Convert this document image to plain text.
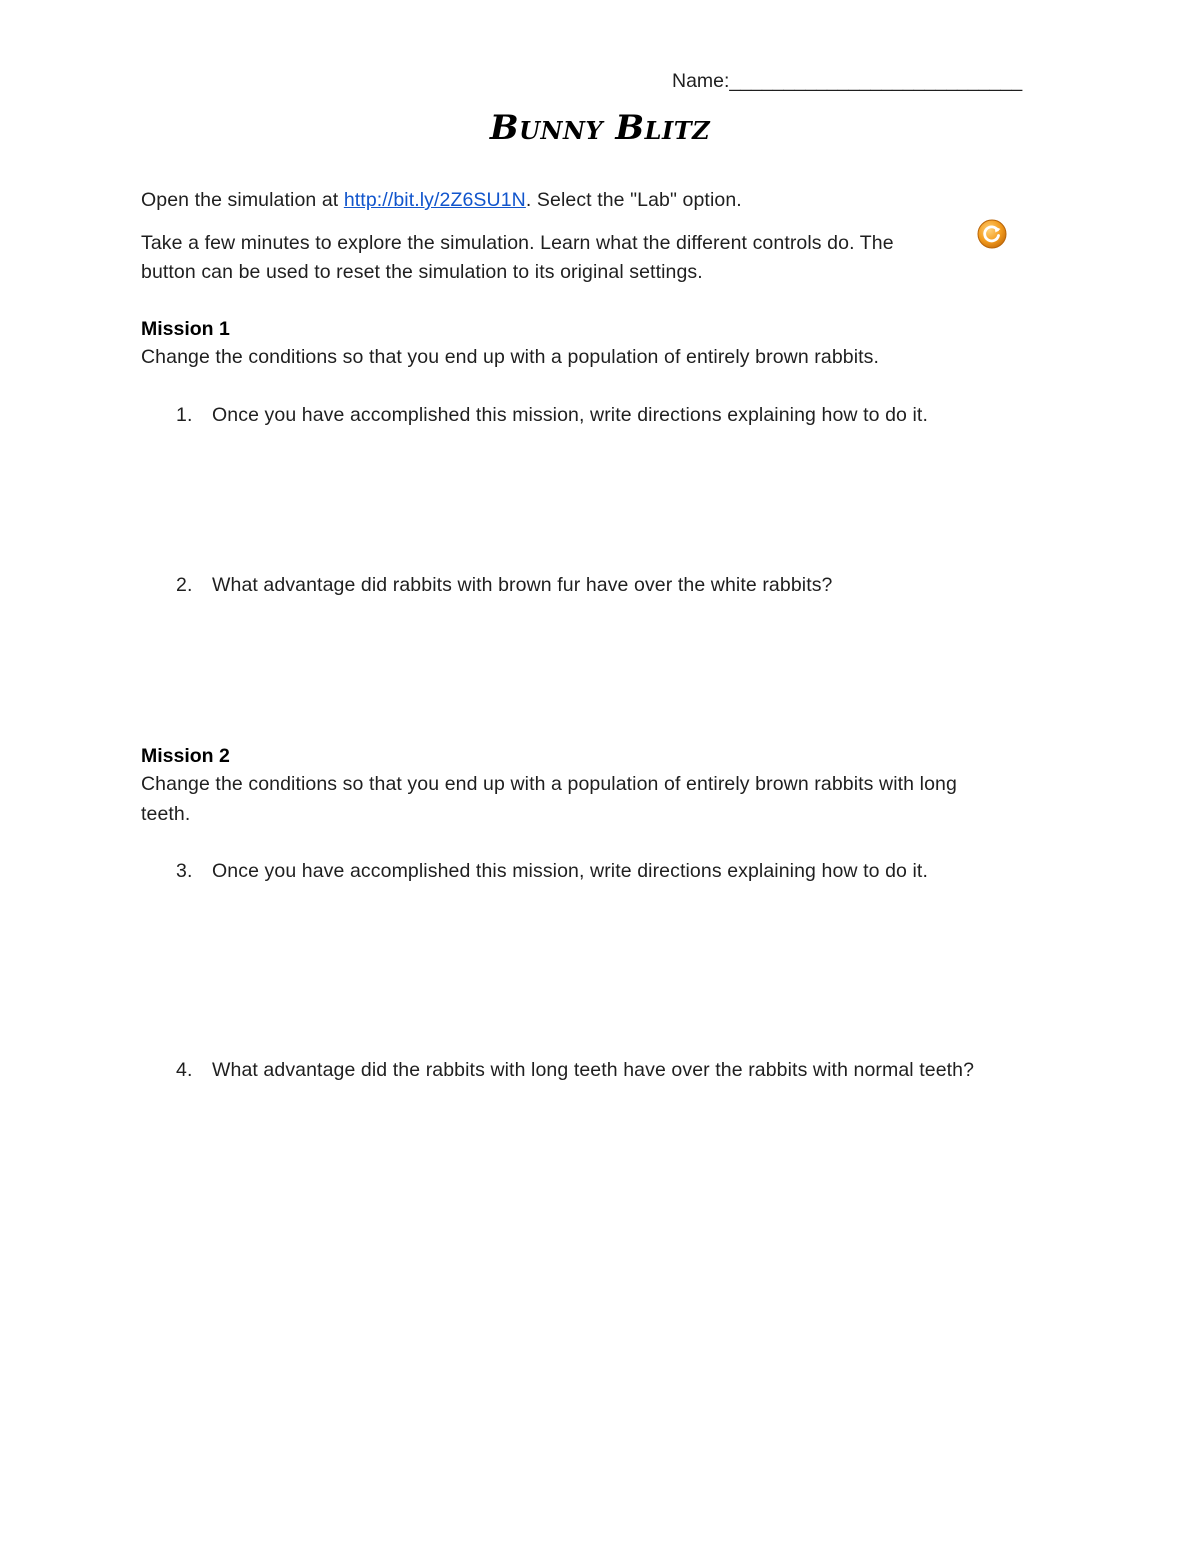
Name:___________________________
Bunny Blitz
Open the simulation at http://bit.ly/2Z6SU1N. Select the "Lab" option.
Take a few minutes to explore the simulation. Learn what the different controls do. The
button can be used to reset the simulation to its original settings.
Mission 1
Change the conditions so that you end up with a population of entirely brown rabbits.
1. Once you have accomplished this mission, write directions explaining how to do it.
2. What advantage did rabbits with brown fur have over the white rabbits?
Mission 2
Change the conditions so that you end up with a population of entirely brown rabbits with long
teeth.
3. Once you have accomplished this mission, write directions explaining how to do it.
4. What advantage did the rabbits with long teeth have over the rabbits with normal teeth?
